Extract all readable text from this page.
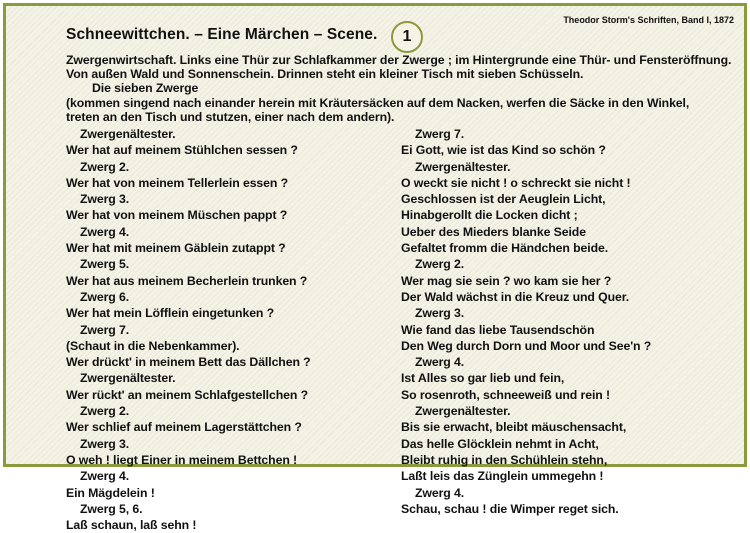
Schneewittchen. – Eine Märchen – Scene.	1
Theodor Storm's Schriften, Band I, 1872
Zwergenwirtschaft. Links eine Thür zur Schlafkammer der Zwerge ; im Hintergrunde eine Thür- und Fensteröffnung.
Von außen Wald und Sonnenschein. Drinnen steht ein kleiner Tisch mit sieben Schüsseln.
Die sieben Zwerge
(kommen singend nach einander herein mit Kräutersäcken auf dem Nacken, werfen die Säcke in den Winkel,
treten an den Tisch und stutzen, einer nach dem andern).
Zwergenältester.
Wer hat auf meinem Stühlchen sessen ?
Zwerg 2.
Wer hat von meinem Tellerlein essen ?
Zwerg 3.
Wer hat von meinem Müschen pappt ?
Zwerg 4.
Wer hat mit meinem Gäblein zutappt ?
Zwerg 5.
Wer hat aus meinem Becherlein trunken ?
Zwerg 6.
Wer hat mein Löfflein eingetunken ?
Zwerg 7.
(Schaut in die Nebenkammer).
Wer drückt' in meinem Bett das Dällchen ?
Zwergenältester.
Wer rückt' an meinem Schlafgestellchen ?
Zwerg 2.
Wer schlief auf meinem Lagerstättchen ?
Zwerg 3.
O weh ! liegt Einer in meinem Bettchen !
Zwerg 4.
Ein Mägdelein !
Zwerg 5, 6.
Laß schaun, laß sehn !
Zwerg 7.
Ei Gott, wie ist das Kind so schön ?
Zwergenältester.
O weckt sie nicht ! o schreckt sie nicht !
Geschlossen ist der Aeuglein Licht,
Hinabgerollt die Locken dicht ;
Ueber des Mieders blanke Seide
Gefaltet fromm die Händchen beide.
Zwerg 2.
Wer mag sie sein ? wo kam sie her ?
Der Wald wächst in die Kreuz und Quer.
Zwerg 3.
Wie fand das liebe Tausendschön
Den Weg durch Dorn und Moor und See'n ?
Zwerg 4.
Ist Alles so gar lieb und fein,
So rosenroth, schneeweiß und rein !
Zwergenältester.
Bis sie erwacht, bleibt mäuschensacht,
Das helle Glöcklein nehmt in Acht,
Bleibt ruhig in den Schühlein stehn,
Laßt leis das Zünglein ummegehn !
Zwerg 4.
Schau, schau ! die Wimper reget sich.
